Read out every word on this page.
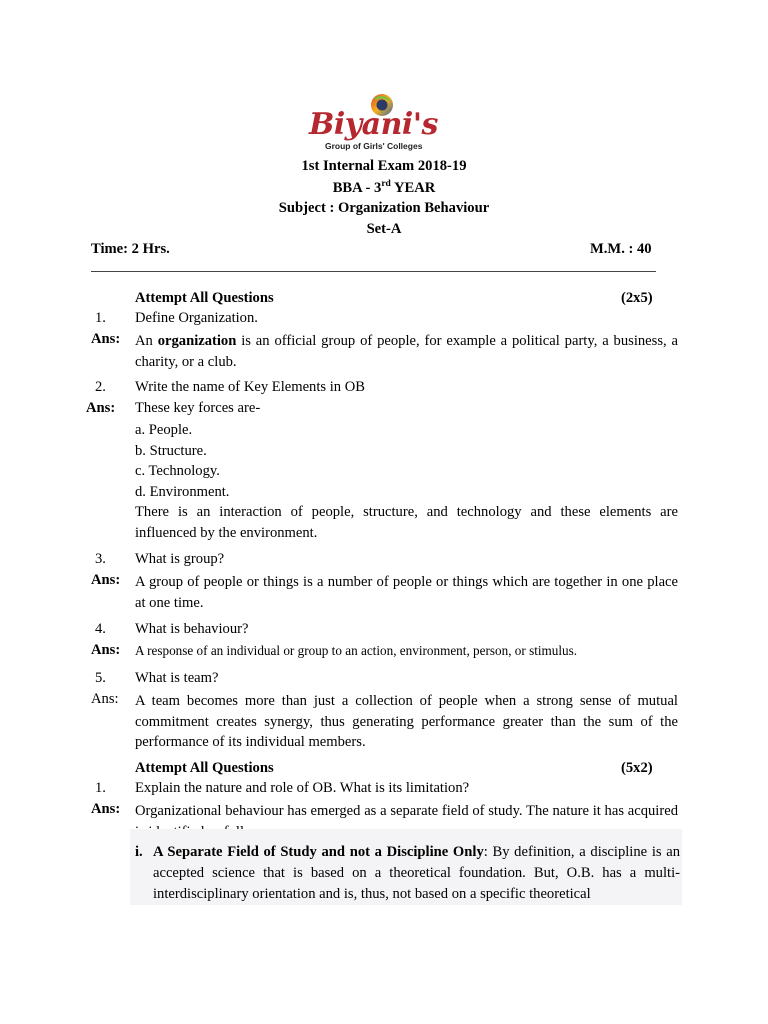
Biyani's
Group of Girls' Colleges
1st Internal Exam 2018-19
BBA - 3rd YEAR
Subject : Organization Behaviour
Set-A
Time: 2 Hrs.	M.M. : 40
Attempt All Questions	(2x5)
1.	Define Organization.
Ans:	An organization is an official group of people, for example a political party, a business, a charity, or a club.
2.	Write the name of Key Elements in OB
Ans:	These key forces are-
a. People.
b. Structure.
c. Technology.
d. Environment.
There is an interaction of people, structure, and technology and these elements are influenced by the environment.
3.	What is group?
Ans:	A group of people or things is a number of people or things which are together in one place at one time.
4.	What is behaviour?
Ans:	A response of an individual or group to an action, environment, person, or stimulus.
5.	What is team?
Ans:	A team becomes more than just a collection of people when a strong sense of mutual commitment creates synergy, thus generating performance greater than the sum of the performance of its individual members.
Attempt All Questions	(5x2)
1.	Explain the nature and role of OB. What is its limitation?
Ans:	Organizational behaviour has emerged as a separate field of study. The nature it has acquired
i. A Separate Field of Study and not a Discipline Only: By definition, a discipline is an accepted science that is based on a theoretical foundation. But, O.B. has a multi-interdisciplinary orientation and is, thus, not based on a specific theoretical
